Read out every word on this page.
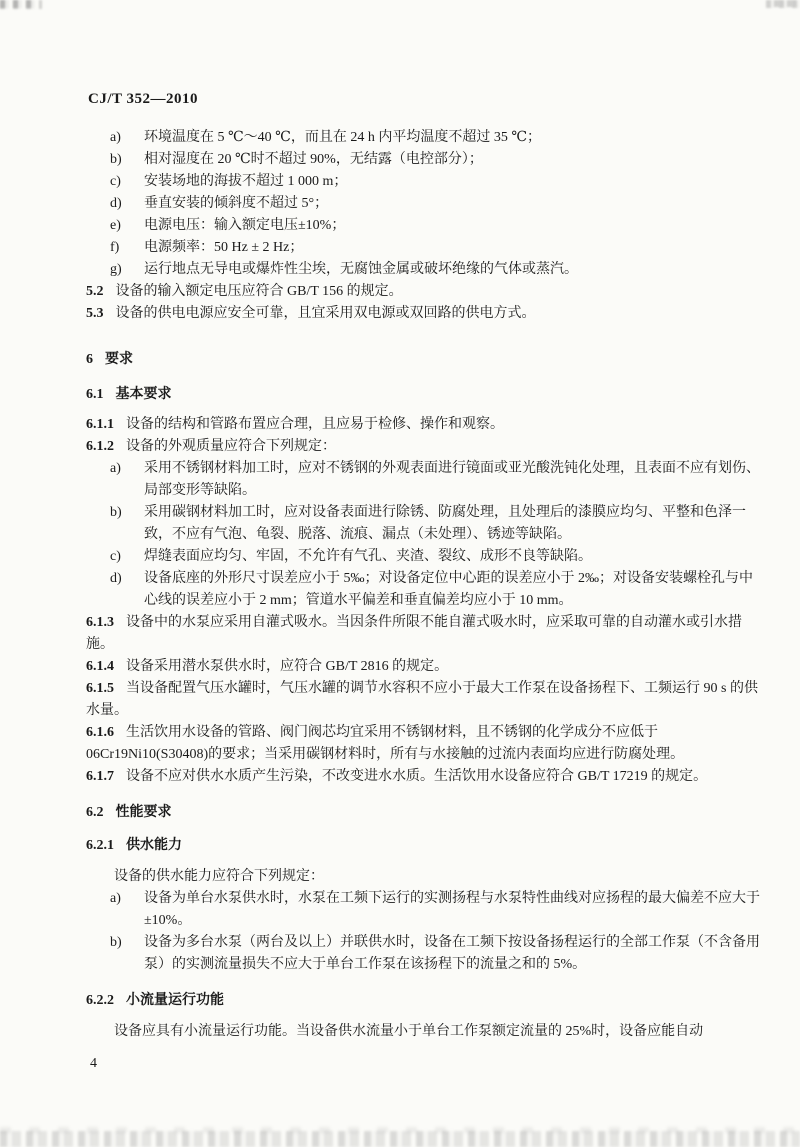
CJ/T 352—2010

a)	环境温度在 5 ℃～40 ℃，而且在 24 h 内平均温度不超过 35 ℃；
b)	相对湿度在 20 ℃时不超过 90%，无结露（电控部分）；
c)	安装场地的海拔不超过 1 000 m；
d)	垂直安装的倾斜度不超过 5°；
e)	电源电压：输入额定电压±10%；
f)	电源频率：50 Hz ± 2 Hz；
g)	运行地点无导电或爆炸性尘埃，无腐蚀金属或破坏绝缘的气体或蒸汽。

5.2 设备的输入额定电压应符合 GB/T 156 的规定。

5.3 设备的供电电源应安全可靠，且宜采用双电源或双回路的供电方式。

6 要求
6.1 基本要求

6.1.1 设备的结构和管路布置应合理，且应易于检修、操作和观察。

6.1.2 设备的外观质量应符合下列规定：

a)	采用不锈钢材料加工时，应对不锈钢的外观表面进行镜面或亚光酸洗钝化处理，且表面不应有划伤、局部变形等缺陷。
b)	采用碳钢材料加工时，应对设备表面进行除锈、防腐处理，且处理后的漆膜应均匀、平整和色泽一致，不应有气泡、龟裂、脱落、流痕、漏点（未处理）、锈迹等缺陷。
c)	焊缝表面应均匀、牢固，不允许有气孔、夹渣、裂纹、成形不良等缺陷。
d)	设备底座的外形尺寸误差应小于 5‰；对设备定位中心距的误差应小于 2‰；对设备安装螺栓孔与中心线的误差应小于 2 mm；管道水平偏差和垂直偏差均应小于 10 mm。

6.1.3 设备中的水泵应采用自灌式吸水。当因条件所限不能自灌式吸水时，应采取可靠的自动灌水或引水措施。

6.1.4 设备采用潜水泵供水时，应符合 GB/T 2816 的规定。

6.1.5 当设备配置气压水罐时，气压水罐的调节水容积不应小于最大工作泵在设备扬程下、工频运行 90 s 的供水量。

6.1.6 生活饮用水设备的管路、阀门阀芯均宜采用不锈钢材料，且不锈钢的化学成分不应低于 06Cr19Ni10(S30408)的要求；当采用碳钢材料时，所有与水接触的过流内表面均应进行防腐处理。

6.1.7 设备不应对供水水质产生污染，不改变进水水质。生活饮用水设备应符合 GB/T 17219 的规定。

6.2 性能要求
6.2.1 供水能力

设备的供水能力应符合下列规定：

a)	设备为单台水泵供水时，水泵在工频下运行的实测扬程与水泵特性曲线对应扬程的最大偏差不应大于±10%。
b)	设备为多台水泵（两台及以上）并联供水时，设备在工频下按设备扬程运行的全部工作泵（不含备用泵）的实测流量损失不应大于单台工作泵在该扬程下的流量之和的 5%。
6.2.2 小流量运行功能

设备应具有小流量运行功能。当设备供水流量小于单台工作泵额定流量的 25%时，设备应能自动

4
